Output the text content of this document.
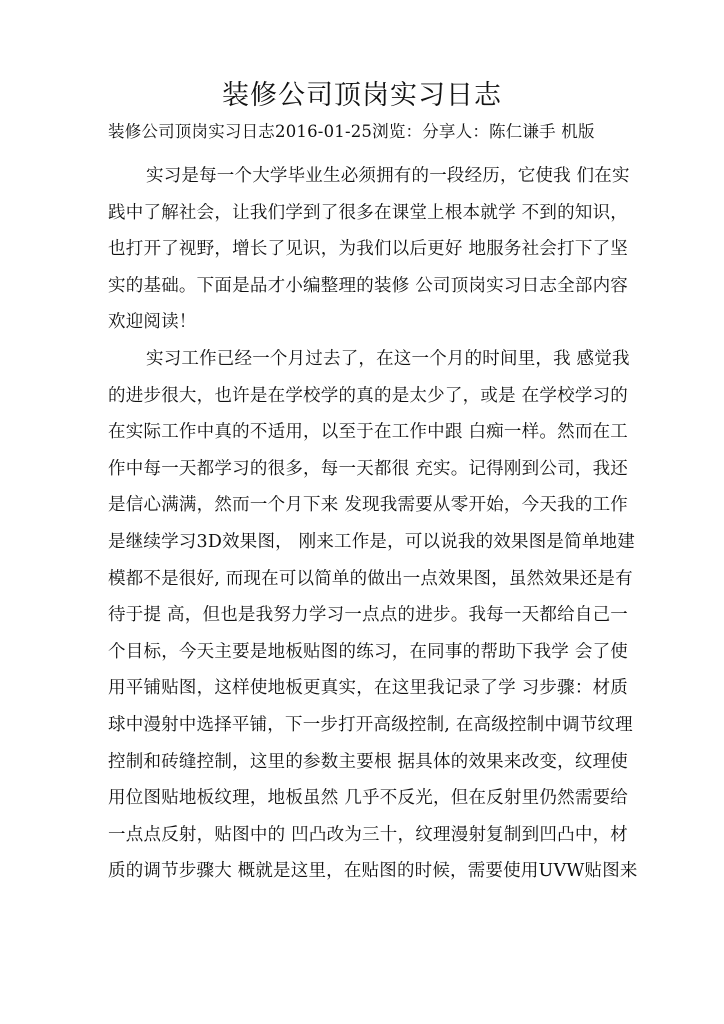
装修公司顶岗实习日志
装修公司顶岗实习日志2016-01-25浏览：分享人：陈仁谦手 机版
实习是每一个大学毕业生必须拥有的一段经历，它使我 们在实
践中了解社会，让我们学到了很多在课堂上根本就学 不到的知识，
也打开了视野，增长了见识，为我们以后更好 地服务社会打下了坚
实的基础。下面是品才小编整理的装修 公司顶岗实习日志全部内容
欢迎阅读！
实习工作已经一个月过去了，在这一个月的时间里，我 感觉我
的进步很大，也许是在学校学的真的是太少了，或是 在学校学习的
在实际工作中真的不适用，以至于在工作中跟 白痴一样。然而在工
作中每一天都学习的很多，每一天都很 充实。记得刚到公司，我还
是信心满满，然而一个月下来 发现我需要从零开始，今天我的工作
是继续学习3D效果图， 刚来工作是，可以说我的效果图是简单地建
模都不是很好, 而现在可以简单的做出一点效果图，虽然效果还是有
待于提 高，但也是我努力学习一点点的进步。我每一天都给自己一
个目标，今天主要是地板贴图的练习，在同事的帮助下我学 会了使
用平铺贴图，这样使地板更真实，在这里我记录了学 习步骤：材质
球中漫射中选择平铺，下一步打开高级控制, 在高级控制中调节纹理
控制和砖缝控制，这里的参数主要根 据具体的效果来改变，纹理使
用位图贴地板纹理，地板虽然 几乎不反光，但在反射里仍然需要给
一点点反射，贴图中的 凹凸改为三十，纹理漫射复制到凹凸中，材
质的调节步骤大 概就是这里，在贴图的时候，需要使用UVW贴图来
